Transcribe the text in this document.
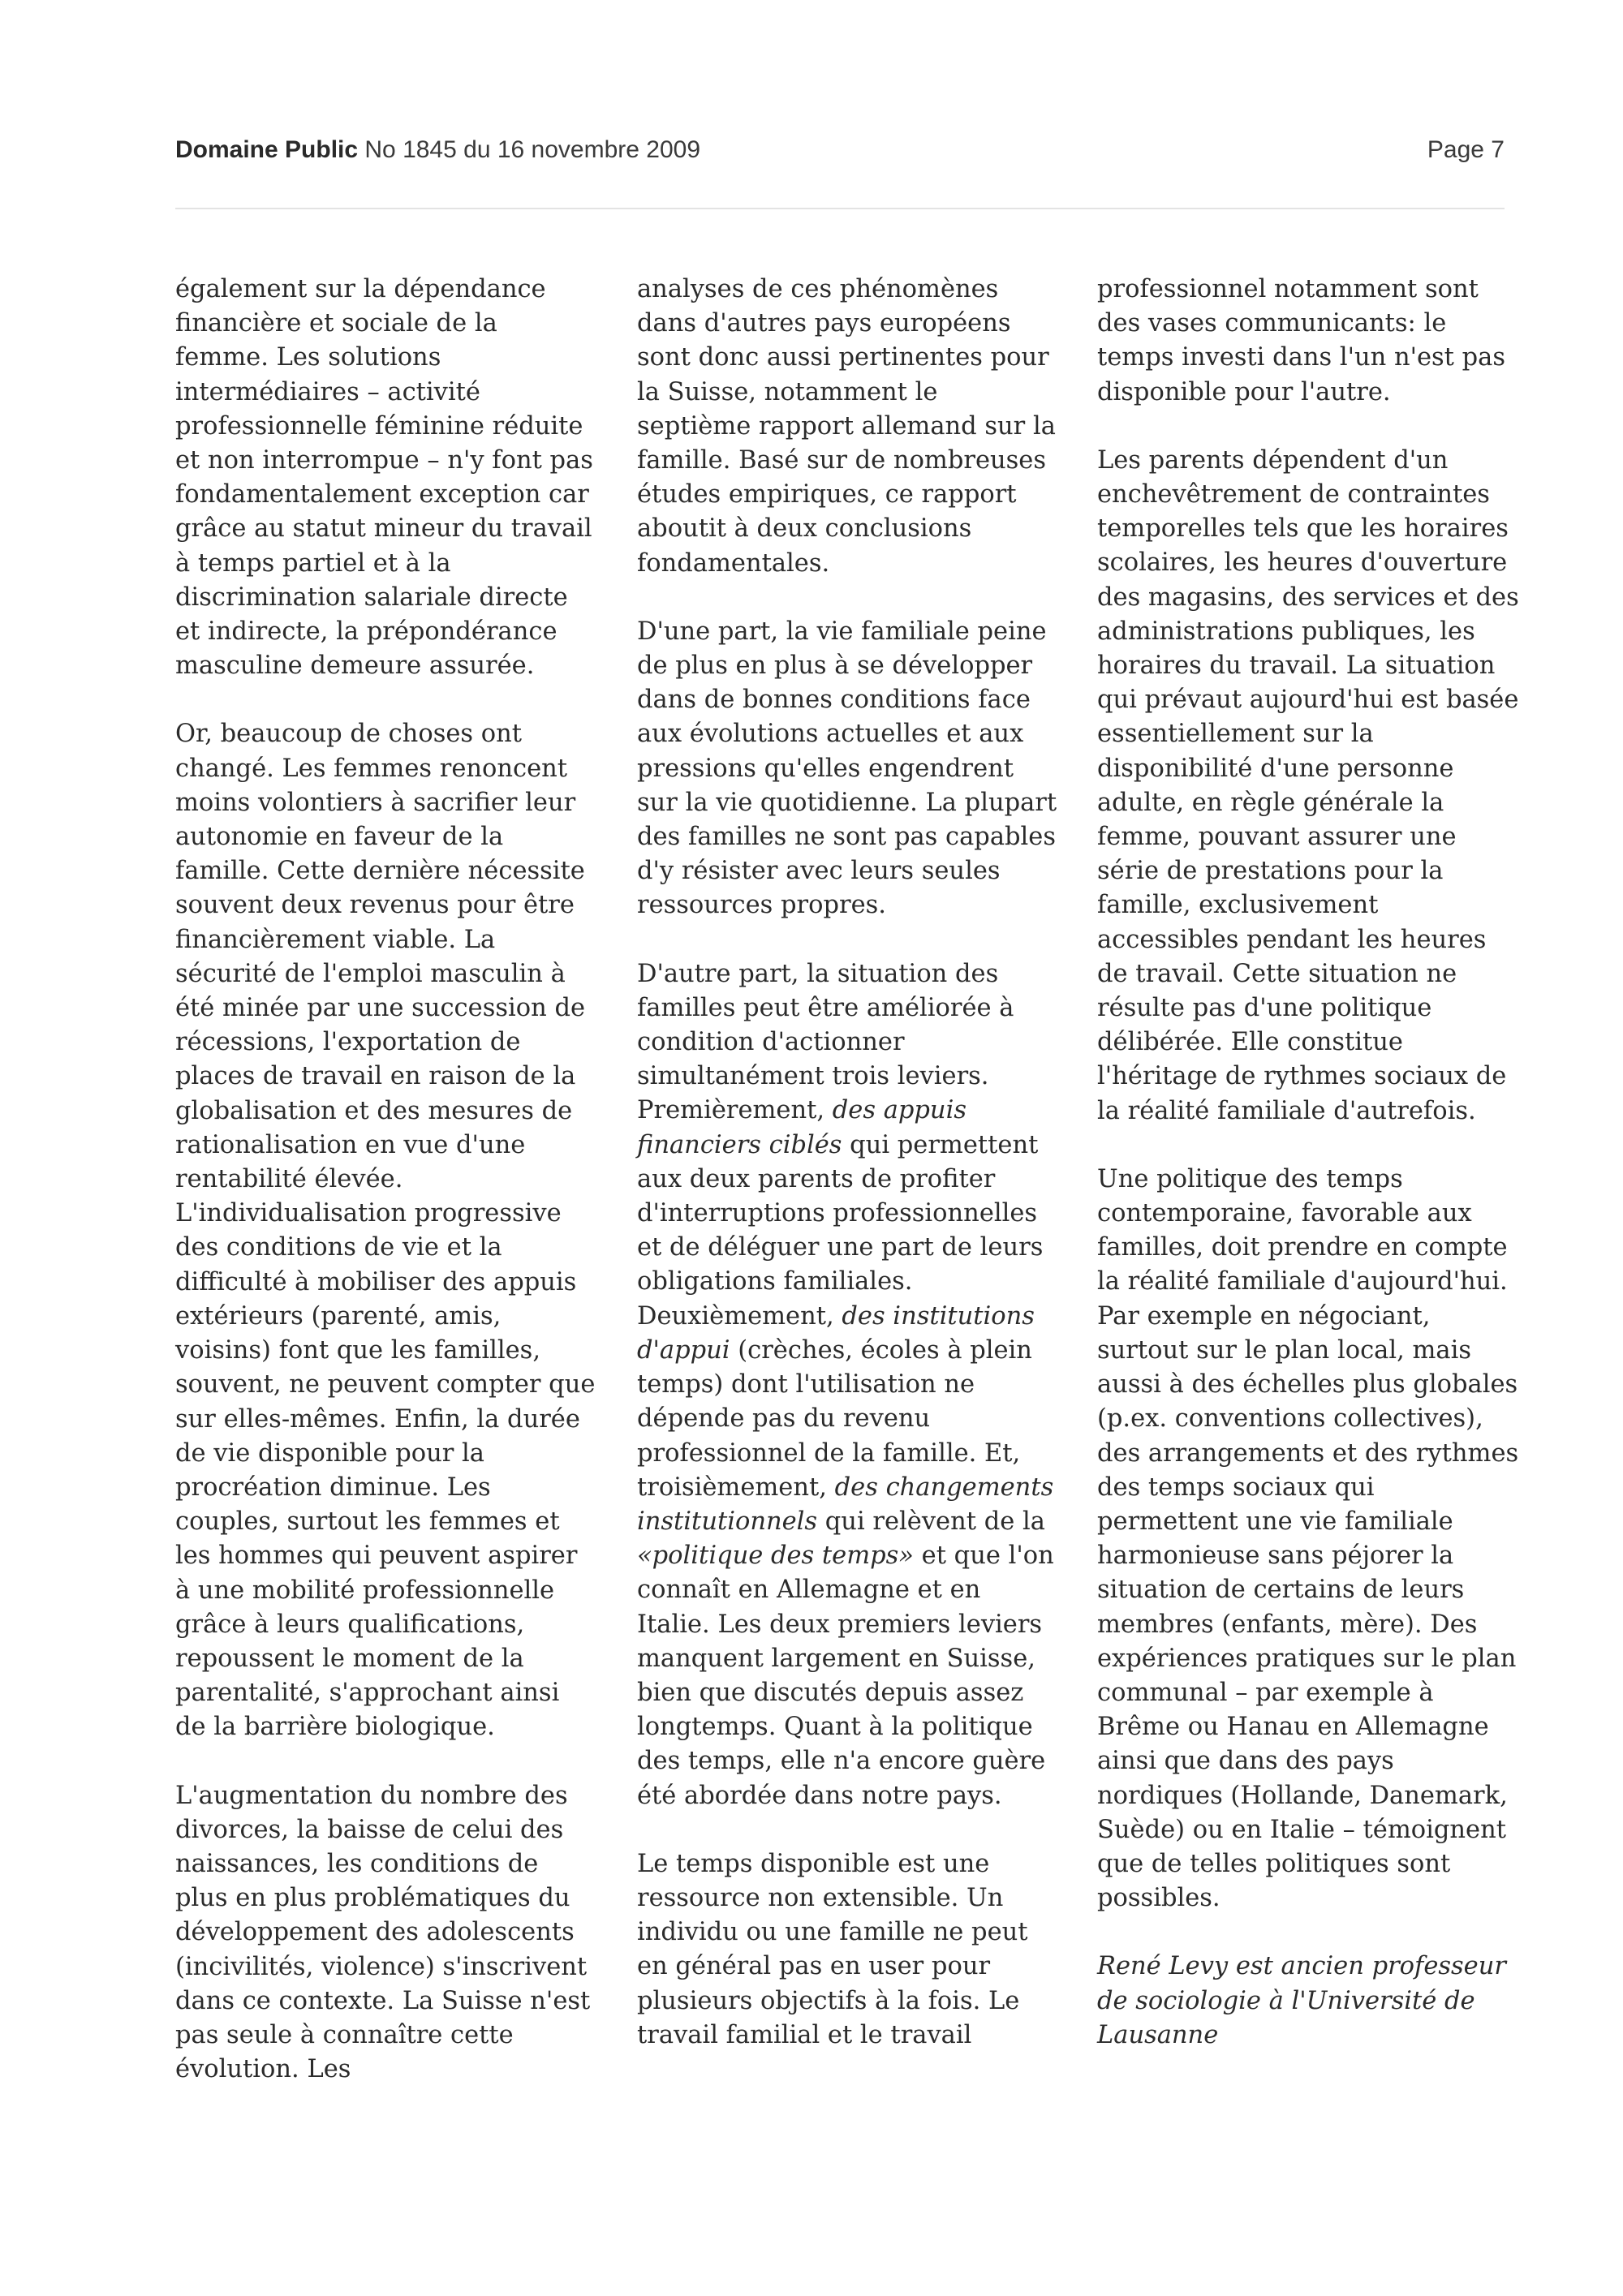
Domaine Public No 1845 du 16 novembre 2009	Page 7

également sur la dépendance financière et sociale de la femme. Les solutions intermédiaires – activité professionnelle féminine réduite et non interrompue – n'y font pas fondamentalement exception car grâce au statut mineur du travail à temps partiel et à la discrimination salariale directe et indirecte, la prépondérance masculine demeure assurée.

Or, beaucoup de choses ont changé. Les femmes renoncent moins volontiers à sacrifier leur autonomie en faveur de la famille. Cette dernière nécessite souvent deux revenus pour être financièrement viable. La sécurité de l'emploi masculin à été minée par une succession de récessions, l'exportation de places de travail en raison de la globalisation et des mesures de rationalisation en vue d'une rentabilité élevée. L'individualisation progressive des conditions de vie et la difficulté à mobiliser des appuis extérieurs (parenté, amis, voisins) font que les familles, souvent, ne peuvent compter que sur elles-mêmes. Enfin, la durée de vie disponible pour la procréation diminue. Les couples, surtout les femmes et les hommes qui peuvent aspirer à une mobilité professionnelle grâce à leurs qualifications, repoussent le moment de la parentalité, s'approchant ainsi de la barrière biologique.

L'augmentation du nombre des divorces, la baisse de celui des naissances, les conditions de plus en plus problématiques du développement des adolescents (incivilités, violence) s'inscrivent dans ce contexte. La Suisse n'est pas seule à connaître cette évolution. Les

analyses de ces phénomènes dans d'autres pays européens sont donc aussi pertinentes pour la Suisse, notamment le septième rapport allemand sur la famille. Basé sur de nombreuses études empiriques, ce rapport aboutit à deux conclusions fondamentales.

D'une part, la vie familiale peine de plus en plus à se développer dans de bonnes conditions face aux évolutions actuelles et aux pressions qu'elles engendrent sur la vie quotidienne. La plupart des familles ne sont pas capables d'y résister avec leurs seules ressources propres.

D'autre part, la situation des familles peut être améliorée à condition d'actionner simultanément trois leviers. Premièrement, des appuis financiers ciblés qui permettent aux deux parents de profiter d'interruptions professionnelles et de déléguer une part de leurs obligations familiales. Deuxièmement, des institutions d'appui (crèches, écoles à plein temps) dont l'utilisation ne dépende pas du revenu professionnel de la famille. Et, troisièmement, des changements institutionnels qui relèvent de la «politique des temps» et que l'on connaît en Allemagne et en Italie. Les deux premiers leviers manquent largement en Suisse, bien que discutés depuis assez longtemps. Quant à la politique des temps, elle n'a encore guère été abordée dans notre pays.

Le temps disponible est une ressource non extensible. Un individu ou une famille ne peut en général pas en user pour plusieurs objectifs à la fois. Le travail familial et le travail

professionnel notamment sont des vases communicants: le temps investi dans l'un n'est pas disponible pour l'autre.

Les parents dépendent d'un enchevêtrement de contraintes temporelles tels que les horaires scolaires, les heures d'ouverture des magasins, des services et des administrations publiques, les horaires du travail. La situation qui prévaut aujourd'hui est basée essentiellement sur la disponibilité d'une personne adulte, en règle générale la femme, pouvant assurer une série de prestations pour la famille, exclusivement accessibles pendant les heures de travail. Cette situation ne résulte pas d'une politique délibérée. Elle constitue l'héritage de rythmes sociaux de la réalité familiale d'autrefois.

Une politique des temps contemporaine, favorable aux familles, doit prendre en compte la réalité familiale d'aujourd'hui. Par exemple en négociant, surtout sur le plan local, mais aussi à des échelles plus globales (p.ex. conventions collectives), des arrangements et des rythmes des temps sociaux qui permettent une vie familiale harmonieuse sans péjorer la situation de certains de leurs membres (enfants, mère). Des expériences pratiques sur le plan communal – par exemple à Brême ou Hanau en Allemagne ainsi que dans des pays nordiques (Hollande, Danemark, Suède) ou en Italie – témoignent que de telles politiques sont possibles.

René Levy est ancien professeur de sociologie à l'Université de Lausanne
